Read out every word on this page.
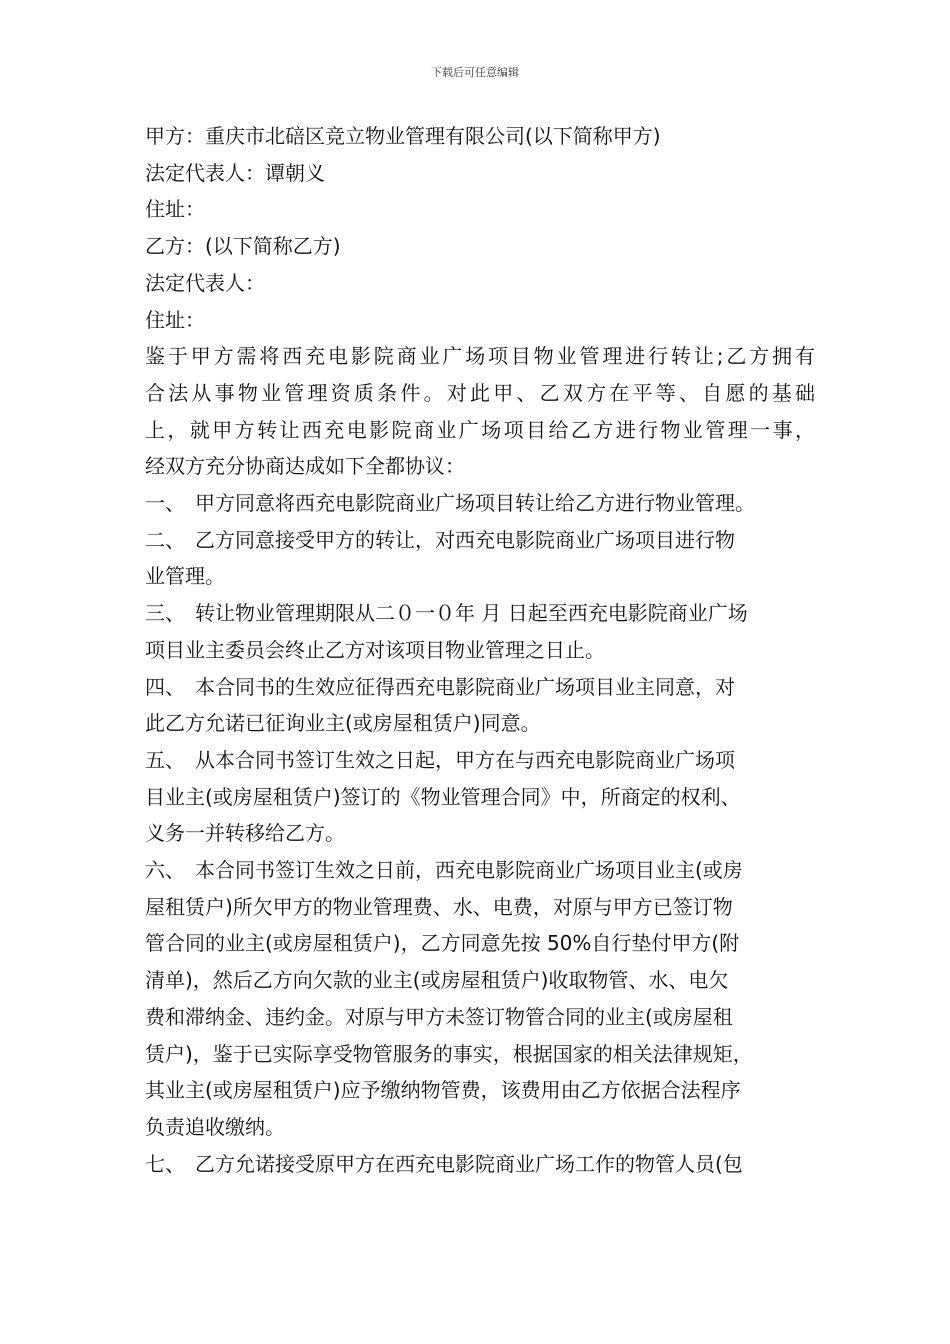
下载后可任意编辑
甲方：重庆市北碚区竞立物业管理有限公司(以下简称甲方)
法定代表人：谭朝义
住址：
乙方：(以下简称乙方)
法定代表人：
住址：
鉴于甲方需将西充电影院商业广场项目物业管理进行转让;乙方拥有
合法从事物业管理资质条件。对此甲、乙双方在平等、自愿的基础
上，就甲方转让西充电影院商业广场项目给乙方进行物业管理一事，
经双方充分协商达成如下全都协议：
一、 甲方同意将西充电影院商业广场项目转让给乙方进行物业管理。
二、 乙方同意接受甲方的转让，对西充电影院商业广场项目进行物
业管理。
三、 转让物业管理期限从二０一０年 月 日起至西充电影院商业广场
项目业主委员会终止乙方对该项目物业管理之日止。
四、 本合同书的生效应征得西充电影院商业广场项目业主同意，对
此乙方允诺已征询业主(或房屋租赁户)同意。
五、 从本合同书签订生效之日起，甲方在与西充电影院商业广场项
目业主(或房屋租赁户)签订的《物业管理合同》中，所商定的权利、
义务一并转移给乙方。
六、 本合同书签订生效之日前，西充电影院商业广场项目业主(或房
屋租赁户)所欠甲方的物业管理费、水、电费，对原与甲方已签订物
管合同的业主(或房屋租赁户)，乙方同意先按 50%自行垫付甲方(附
清单)，然后乙方向欠款的业主(或房屋租赁户)收取物管、水、电欠
费和滞纳金、违约金。对原与甲方未签订物管合同的业主(或房屋租
赁户)，鉴于已实际享受物管服务的事实，根据国家的相关法律规矩，
其业主(或房屋租赁户)应予缴纳物管费，该费用由乙方依据合法程序
负责追收缴纳。
七、 乙方允诺接受原甲方在西充电影院商业广场工作的物管人员(包
